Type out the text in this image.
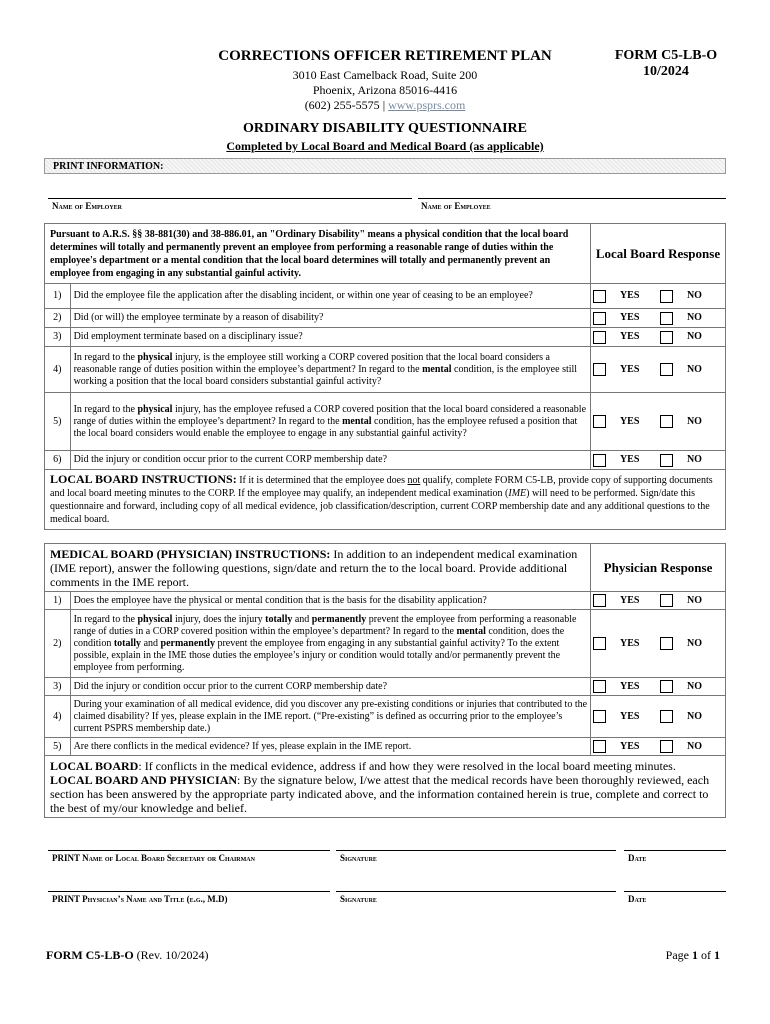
CORRECTIONS OFFICER RETIREMENT PLAN
3010 East Camelback Road, Suite 200
Phoenix, Arizona 85016-4416
(602) 255-5575 | www.psprs.com
FORM C5-LB-O
10/2024
ORDINARY DISABILITY QUESTIONNAIRE
Completed by Local Board and Medical Board (as applicable)
PRINT INFORMATION:
Name of Employer	Name of Employee
Pursuant to A.R.S. §§ 38-881(30) and 38-886.01, an "Ordinary Disability" means a physical condition that the local board determines will totally and permanently prevent an employee from performing a reasonable range of duties within the employee's department or a mental condition that the local board determines will totally and permanently prevent an employee from engaging in any substantial gainful activity.		Local Board Response
1)	Did the employee file the application after the disabling incident, or within one year of ceasing to be an employee?	YES NO

2)	Did (or will) the employee terminate by a reason of disability?	YES NO

3)	Did employment terminate based on a disciplinary issue?	YES NO

4)	In regard to the physical injury, is the employee still working a CORP covered position that the local board considers a reasonable range of duties position within the employee’s department? In regard to the mental condition, is the employee still working a position that the local board considers substantial gainful activity?	YES NO

5)	In regard to the physical injury, has the employee refused a CORP covered position that the local board considered a reasonable range of duties within the employee’s department? In regard to the mental condition, has the employee refused a position that the local board considers would enable the employee to engage in any substantial gainful activity?	YES NO

6)	Did the injury or condition occur prior to the current CORP membership date?	YES NO

LOCAL BOARD INSTRUCTIONS: If it is determined that the employee does not qualify, complete FORM C5-LB, provide copy of supporting documents and local board meeting minutes to the CORP. If the employee may qualify, an independent medical examination (IME) will need to be performed. Sign/date this questionnaire and forward, including copy of all medical evidence, job classification/description, current CORP membership date and any additional questions to the medical board.		
MEDICAL BOARD (PHYSICIAN) INSTRUCTIONS: In addition to an independent medical examination (IME report), answer the following questions, sign/date and return the to the local board. Provide additional comments in the IME report.		Physician Response
1)	Does the employee have the physical or mental condition that is the basis for the disability application?	YES NO

2)	In regard to the physical injury, does the injury totally and permanently prevent the employee from performing a reasonable range of duties in a CORP covered position within the employee’s department? In regard to the mental condition, does the condition totally and permanently prevent the employee from engaging in any substantial gainful activity? To the extent possible, explain in the IME those duties the employee’s injury or condition would totally and/or permanently prevent the employee from performing.	YES NO

3)	Did the injury or condition occur prior to the current CORP membership date?	YES NO

4)	During your examination of all medical evidence, did you discover any pre-existing conditions or injuries that contributed to the claimed disability? If yes, please explain in the IME report. (“Pre-existing” is defined as occurring prior to the employee’s current PSPRS membership date.)	YES NO

5)	Are there conflicts in the medical evidence? If yes, please explain in the IME report.	YES NO

LOCAL BOARD: If conflicts in the medical evidence, address if and how they were resolved in the local board meeting minutes.
LOCAL BOARD AND PHYSICIAN: By the signature below, I/we attest that the medical records have been thoroughly reviewed, each section has been answered by the appropriate party indicated above, and the information contained herein is true, complete and correct to the best of my/our knowledge and belief.		
PRINT Name of Local Board Secretary or Chairman	Signature	Date
PRINT Physician’s Name and Title (e.g., M.D)	Signature	Date
FORM C5-LB-O (Rev. 10/2024)	Page 1 of 1
